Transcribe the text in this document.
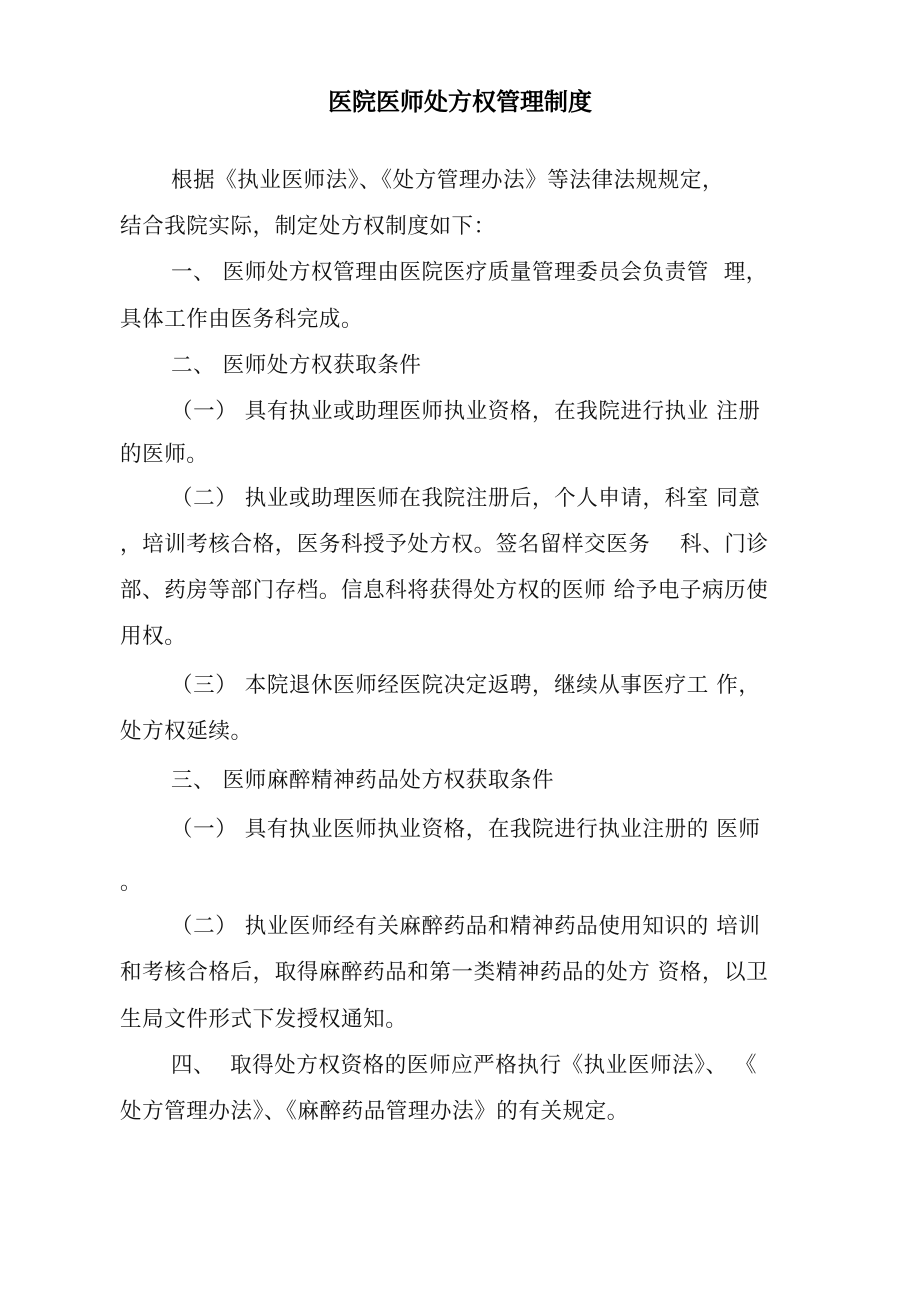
医院医师处方权管理制度
根据《执业医师法》、《处方管理办法》等法律法规规定，
结合我院实际，制定处方权制度如下：
一、 医师处方权管理由医院医疗质量管理委员会负责管  理，
具体工作由医务科完成。
二、 医师处方权获取条件
（一） 具有执业或助理医师执业资格，在我院进行执业 注册
的医师。
（二） 执业或助理医师在我院注册后，个人申请，科室 同意
，培训考核合格，医务科授予处方权。签名留样交医务    科、门诊
部、药房等部门存档。信息科将获得处方权的医师 给予电子病历使
用权。
（三） 本院退休医师经医院决定返聘，继续从事医疗工 作，
处方权延续。
三、 医师麻醉精神药品处方权获取条件
（一） 具有执业医师执业资格，在我院进行执业注册的 医师
。
（二） 执业医师经有关麻醉药品和精神药品使用知识的 培训
和考核合格后，取得麻醉药品和第一类精神药品的处方 资格，以卫
生局文件形式下发授权通知。
四、  取得处方权资格的医师应严格执行《执业医师法》、 《
处方管理办法》、《麻醉药品管理办法》的有关规定。
